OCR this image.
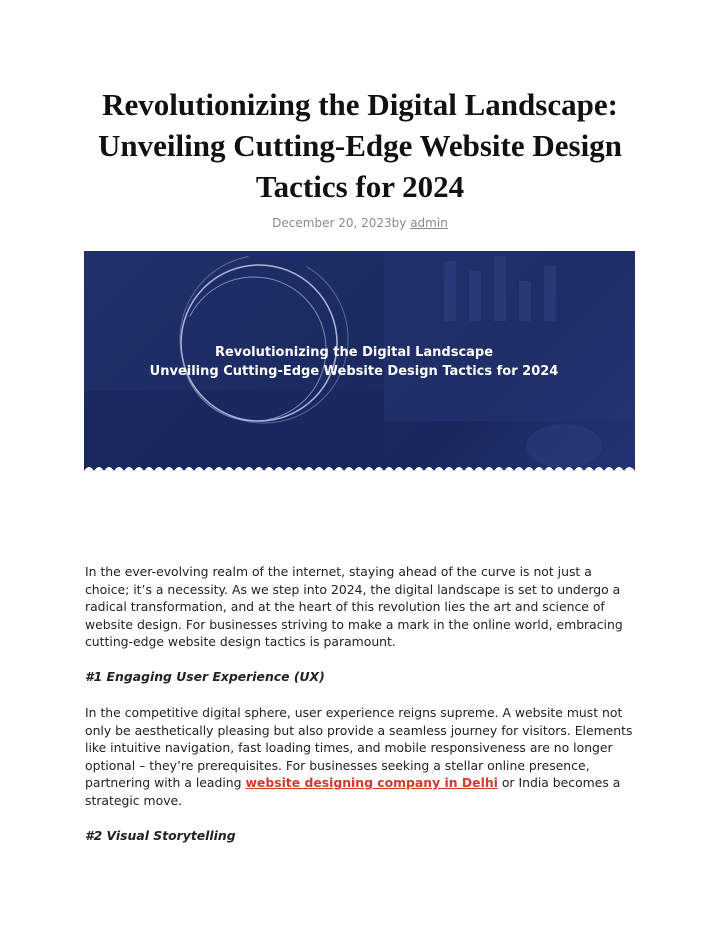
Revolutionizing the Digital Landscape:
Unveiling Cutting-Edge Website Design
Tactics for 2024
December 20, 2023by admin
Revolutionizing the Digital Landscape
Unveiling Cutting-Edge Website Design Tactics for 2024

In the ever-evolving realm of the internet, staying ahead of the curve is not just a choice; it’s a necessity. As we step into 2024, the digital landscape is set to undergo a radical transformation, and at the heart of this revolution lies the art and science of website design. For businesses striving to make a mark in the online world, embracing cutting-edge website design tactics is paramount.

#1 Engaging User Experience (UX)

In the competitive digital sphere, user experience reigns supreme. A website must not only be aesthetically pleasing but also provide a seamless journey for visitors. Elements like intuitive navigation, fast loading times, and mobile responsiveness are no longer optional – they’re prerequisites. For businesses seeking a stellar online presence, partnering with a leading website designing company in Delhi or India becomes a strategic move.

#2 Visual Storytelling
